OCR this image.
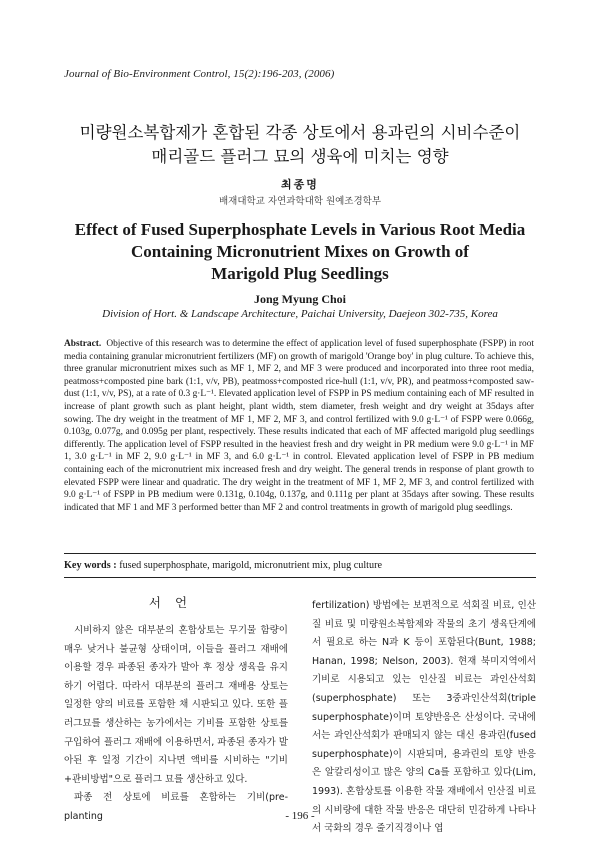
Journal of Bio-Environment Control, 15(2):196-203, (2006)
미량원소복합제가 혼합된 각종 상토에서 용과린의 시비수준이
매리골드 플러그 묘의 생육에 미치는 영향
최종명
배재대학교 자연과학대학 원예조경학부
Effect of Fused Superphosphate Levels in Various Root Media
Containing Micronutrient Mixes on Growth of
Marigold Plug Seedlings
Jong Myung Choi
Division of Hort. & Landscape Architecture, Paichai University, Daejeon 302-735, Korea

Abstract. Objective of this research was to determine the effect of application level of fused superphosphate (FSPP) in root media containing granular micronutrient fertilizers (MF) on growth of marigold 'Orange boy' in plug culture. To achieve this, three granular micronutrient mixes such as MF 1, MF 2, and MF 3 were produced and incorporated into three root media, peatmoss+composted pine bark (1:1, v/v, PB), peatmoss+composted rice-hull (1:1, v/v, PR), and peatmoss+composted saw-dust (1:1, v/v, PS), at a rate of 0.3 g·L⁻¹. Elevated application level of FSPP in PS medium containing each of MF resulted in increase of plant growth such as plant height, plant width, stem diameter, fresh weight and dry weight at 35days after sowing. The dry weight in the treatment of MF 1, MF 2, MF 3, and control fertilized with 9.0 g·L⁻¹ of FSPP were 0.066g, 0.103g, 0.077g, and 0.095g per plant, respectively. These results indicated that each of MF affected marigold plug seedlings differently. The application level of FSPP resulted in the heaviest fresh and dry weight in PR medium were 9.0 g·L⁻¹ in MF 1, 3.0 g·L⁻¹ in MF 2, 9.0 g·L⁻¹ in MF 3, and 6.0 g·L⁻¹ in control. Elevated application level of FSPP in PB medium containing each of the micronutrient mix increased fresh and dry weight. The general trends in response of plant growth to elevated FSPP were linear and quadratic. The dry weight in the treatment of MF 1, MF 2, MF 3, and control fertilized with 9.0 g·L⁻¹ of FSPP in PB medium were 0.131g, 0.104g, 0.137g, and 0.111g per plant at 35days after sowing. These results indicated that MF 1 and MF 3 performed better than MF 2 and control treatments in growth of marigold plug seedlings.

Key words : fused superphosphate, marigold, micronutrient mix, plug culture

서언

시비하지 않은 대부분의 혼합상토는 무기물 함량이 매우 낮거나 불균형 상태이며, 이들을 플러그 재배에 이용할 경우 파종된 종자가 발아 후 정상 생육을 유지하기 어렵다. 따라서 대부분의 플러그 재배용 상토는 일정한 양의 비료를 포함한 채 시판되고 있다. 또한 플러그묘를 생산하는 농가에서는 기비를 포함한 상토를 구입하여 플러그 재배에 이용하면서, 파종된 종자가 발아된 후 일정 기간이 지나면 액비를 시비하는 "기비+관비방법"으로 플러그 묘를 생산하고 있다.

파종 전 상토에 비료를 혼합하는 기비(pre-planting

fertilization) 방법에는 보편적으로 석회질 비료, 인산질 비료 및 미량원소복합제와 작물의 초기 생육단계에서 필요로 하는 N과 K 등이 포함된다(Bunt, 1988; Hanan, 1998; Nelson, 2003). 현재 북미지역에서 기비로 시용되고 있는 인산질 비료는 과인산석회(superphosphate) 또는 3중과인산석회(triple superphosphate)이며 토양반응은 산성이다. 국내에서는 과인산석회가 판매되지 않는 대신 용과린(fused superphosphate)이 시판되며, 용과린의 토양 반응은 알칼리성이고 많은 양의 Ca를 포함하고 있다(Lim, 1993). 혼합상토를 이용한 작물 재배에서 인산질 비료의 시비량에 대한 작물 반응은 대단히 민감하게 나타나서 국화의 경우 줄기직경이나 엽

- 196 -
